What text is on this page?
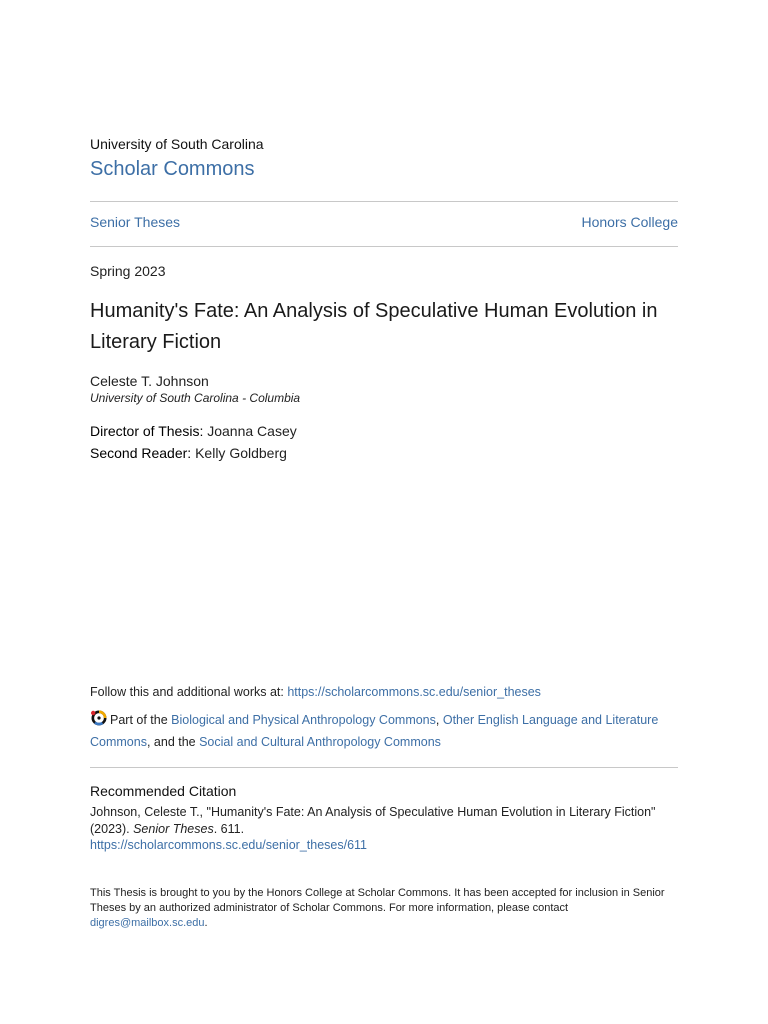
University of South Carolina
Scholar Commons
Senior Theses	Honors College
Spring 2023
Humanity's Fate: An Analysis of Speculative Human Evolution in Literary Fiction
Celeste T. Johnson
University of South Carolina - Columbia
Director of Thesis: Joanna Casey
Second Reader: Kelly Goldberg
Follow this and additional works at: https://scholarcommons.sc.edu/senior_theses
Part of the Biological and Physical Anthropology Commons, Other English Language and Literature Commons, and the Social and Cultural Anthropology Commons
Recommended Citation
Johnson, Celeste T., "Humanity's Fate: An Analysis of Speculative Human Evolution in Literary Fiction" (2023). Senior Theses. 611.
https://scholarcommons.sc.edu/senior_theses/611
This Thesis is brought to you by the Honors College at Scholar Commons. It has been accepted for inclusion in Senior Theses by an authorized administrator of Scholar Commons. For more information, please contact digres@mailbox.sc.edu.
